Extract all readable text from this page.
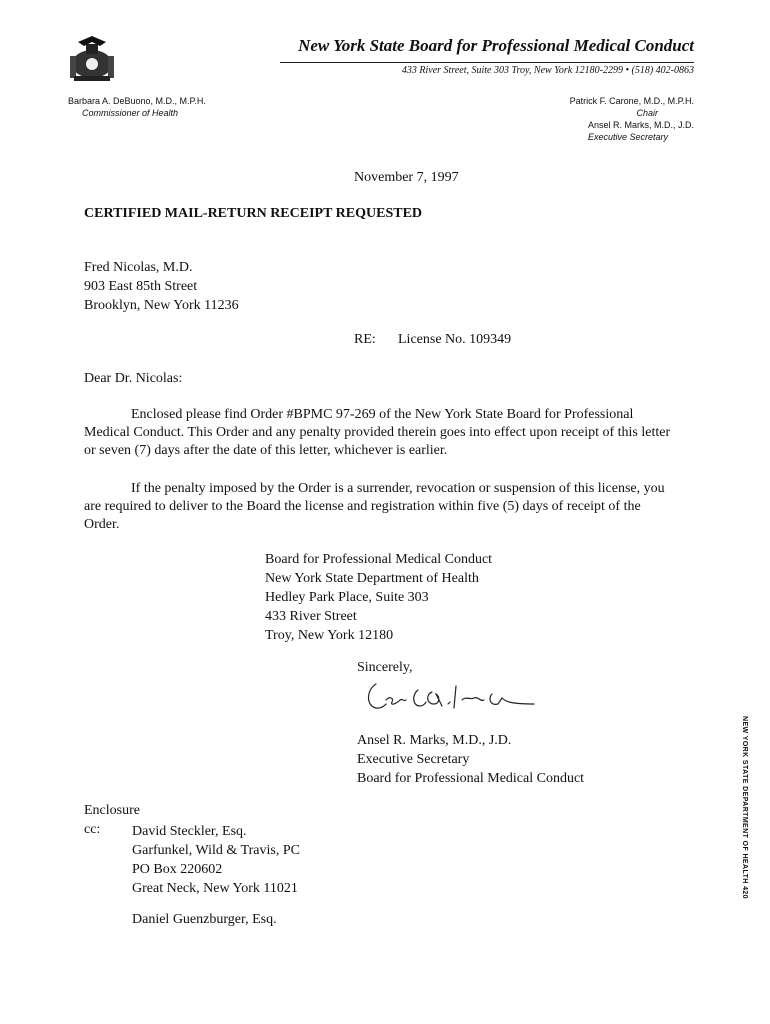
New York State Board for Professional Medical Conduct
433 River Street, Suite 303 Troy, New York 12180-2299 • (518) 402-0863
Barbara A. DeBuono, M.D., M.P.H.
Commissioner of Health
Patrick F. Carone, M.D., M.P.H.
Chair
Ansel R. Marks, M.D., J.D.
Executive Secretary
November 7, 1997
CERTIFIED MAIL-RETURN RECEIPT REQUESTED
Fred Nicolas, M.D.
903 East 85th Street
Brooklyn, New York 11236
RE: License No. 109349
Dear Dr. Nicolas:
Enclosed please find Order #BPMC 97-269 of the New York State Board for Professional Medical Conduct. This Order and any penalty provided therein goes into effect upon receipt of this letter or seven (7) days after the date of this letter, whichever is earlier.
If the penalty imposed by the Order is a surrender, revocation or suspension of this license, you are required to deliver to the Board the license and registration within five (5) days of receipt of the Order.
Board for Professional Medical Conduct
New York State Department of Health
Hedley Park Place, Suite 303
433 River Street
Troy, New York 12180
Sincerely,
Ansel R. Marks, M.D., J.D.
Executive Secretary
Board for Professional Medical Conduct
Enclosure
cc: David Steckler, Esq.
Garfunkel, Wild & Travis, PC
PO Box 220602
Great Neck, New York 11021
Daniel Guenzburger, Esq.
NEW YORK STATE DEPARTMENT OF HEALTH 420
